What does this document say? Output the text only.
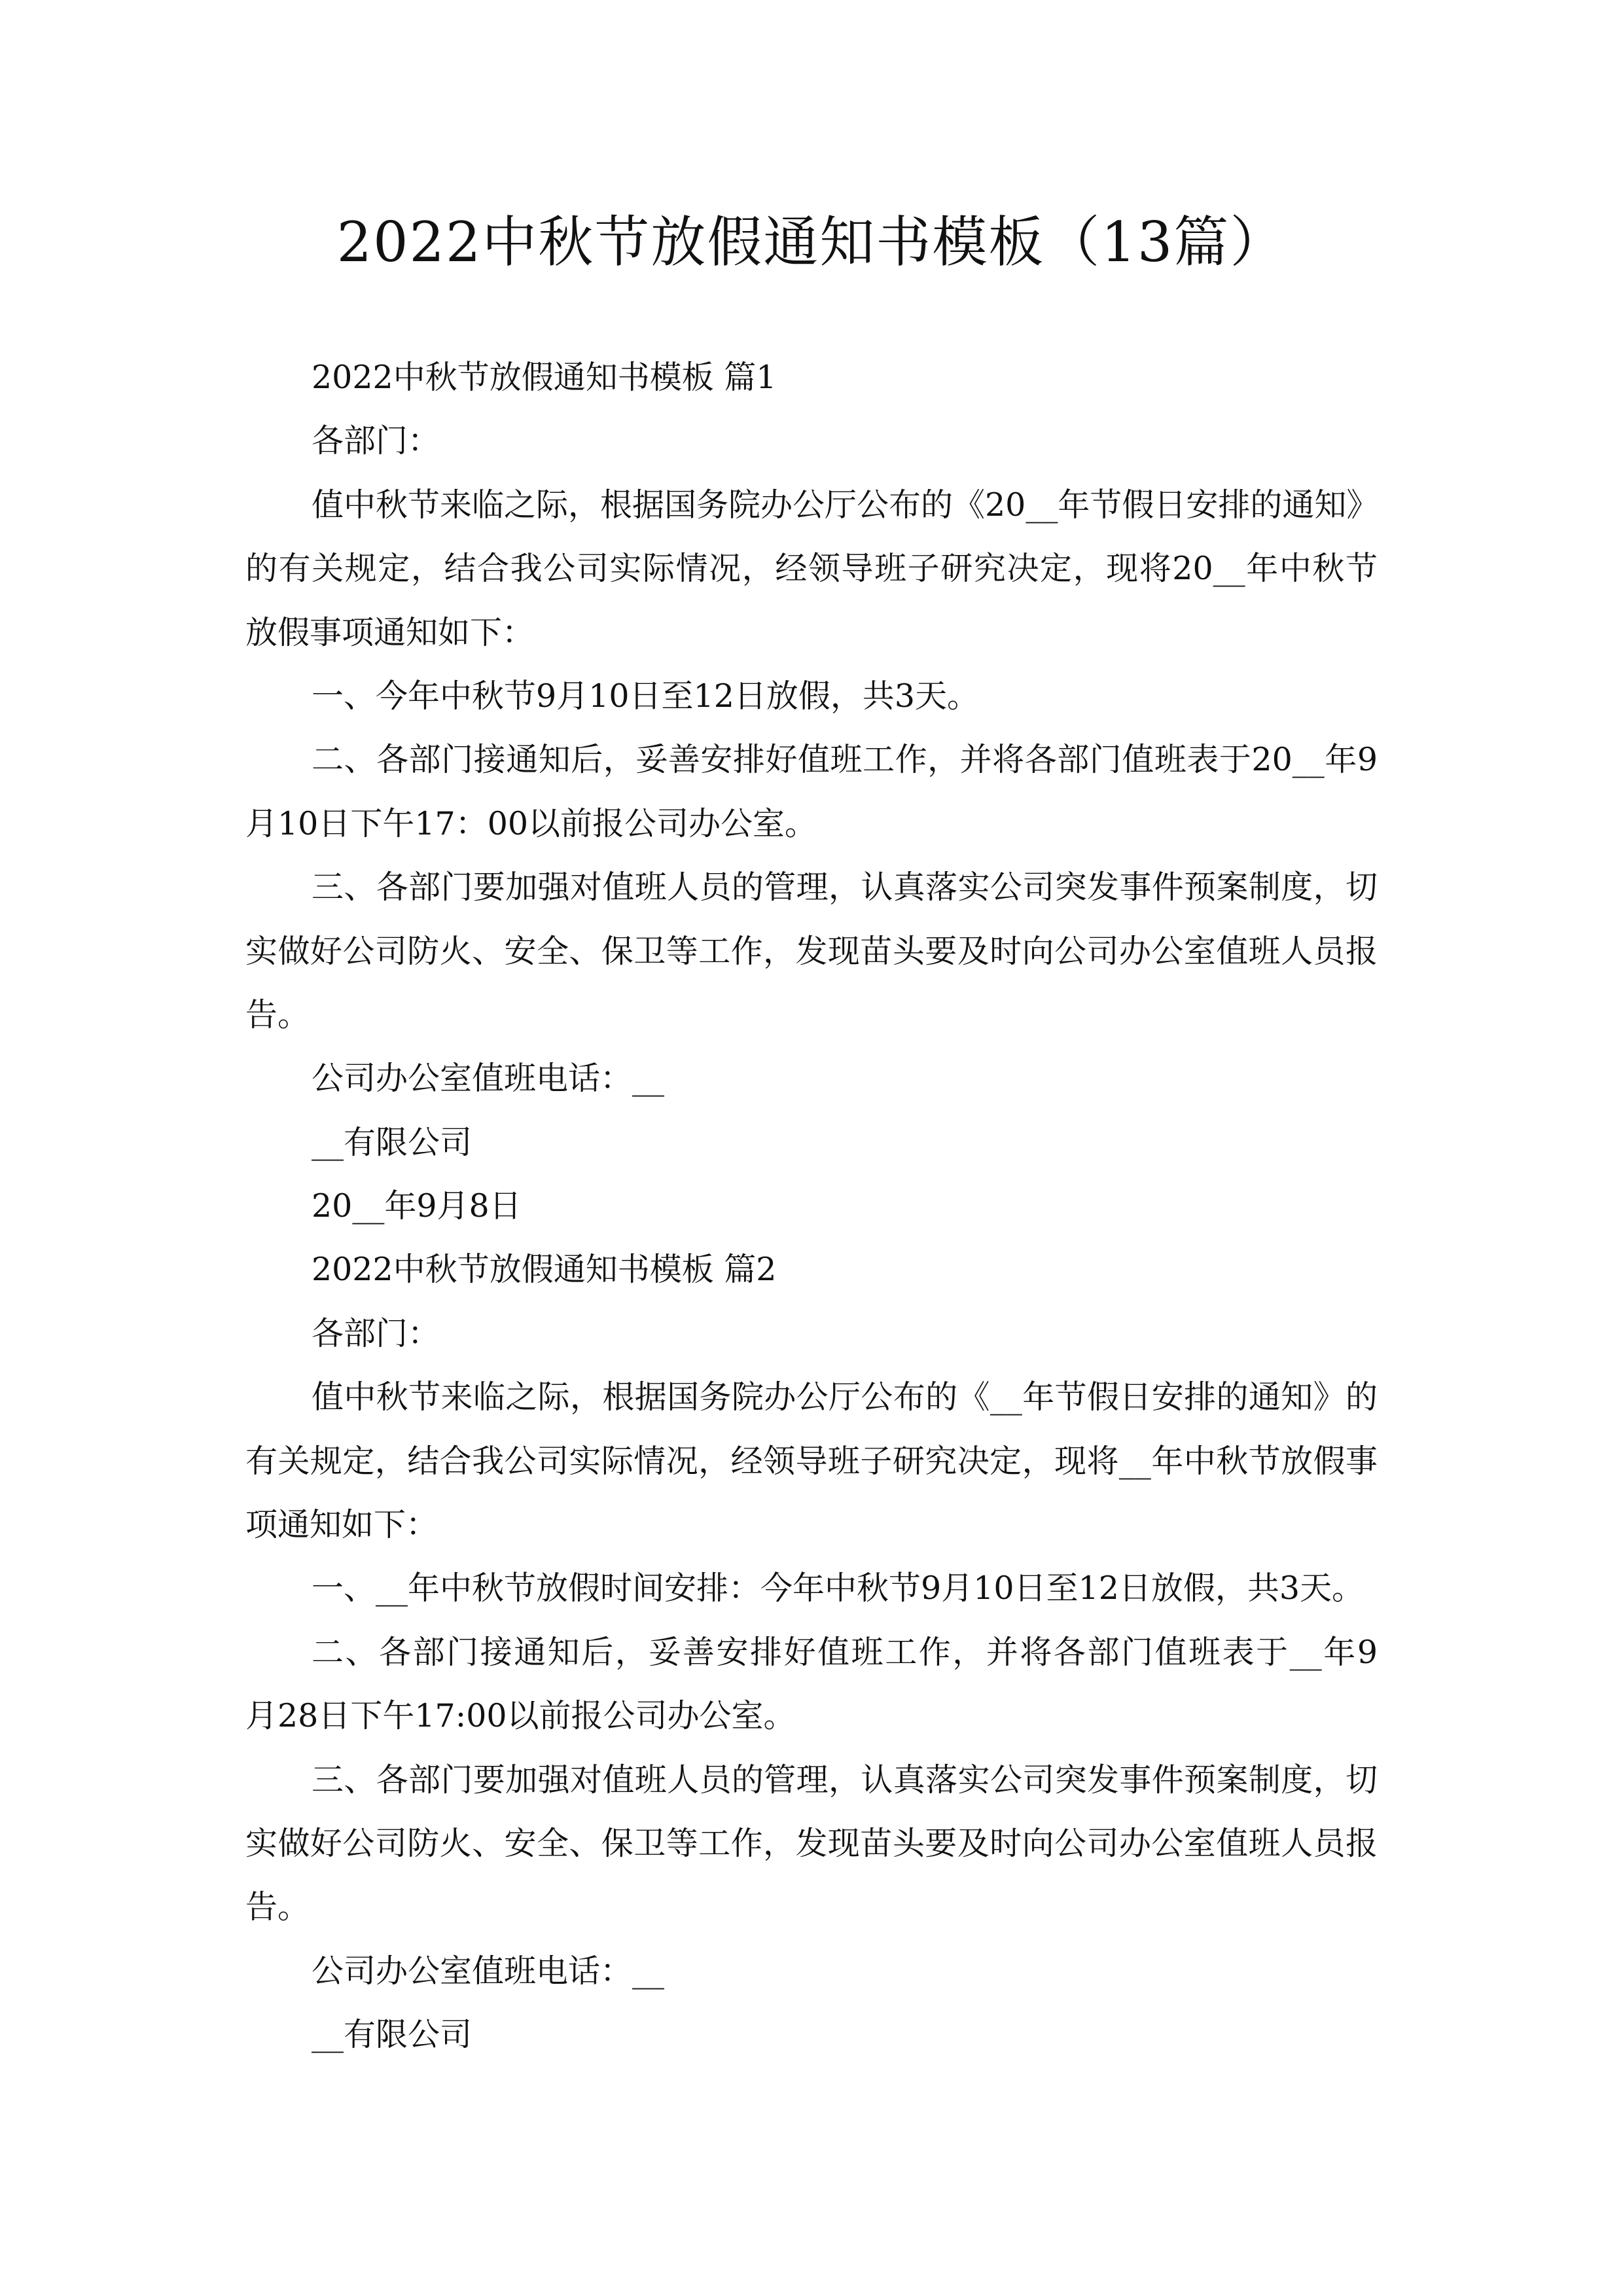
2022中秋节放假通知书模板（13篇）
2022中秋节放假通知书模板 篇1
各部门：
值中秋节来临之际，根据国务院办公厅公布的《20__年节假日安排的通知》
的有关规定，结合我公司实际情况，经领导班子研究决定，现将20__年中秋节
放假事项通知如下：
一、今年中秋节9月10日至12日放假，共3天。
二、各部门接通知后，妥善安排好值班工作，并将各部门值班表于20__年9
月10日下午17：00以前报公司办公室。
三、各部门要加强对值班人员的管理，认真落实公司突发事件预案制度，切
实做好公司防火、安全、保卫等工作，发现苗头要及时向公司办公室值班人员报
告。
公司办公室值班电话：__
__有限公司
20__年9月8日
2022中秋节放假通知书模板 篇2
各部门：
值中秋节来临之际，根据国务院办公厅公布的《__年节假日安排的通知》的
有关规定，结合我公司实际情况，经领导班子研究决定，现将__年中秋节放假事
项通知如下：
一、__年中秋节放假时间安排：今年中秋节9月10日至12日放假，共3天。
二、各部门接通知后，妥善安排好值班工作，并将各部门值班表于__年9
月28日下午17:00以前报公司办公室。
三、各部门要加强对值班人员的管理，认真落实公司突发事件预案制度，切
实做好公司防火、安全、保卫等工作，发现苗头要及时向公司办公室值班人员报
告。
公司办公室值班电话：__
__有限公司
